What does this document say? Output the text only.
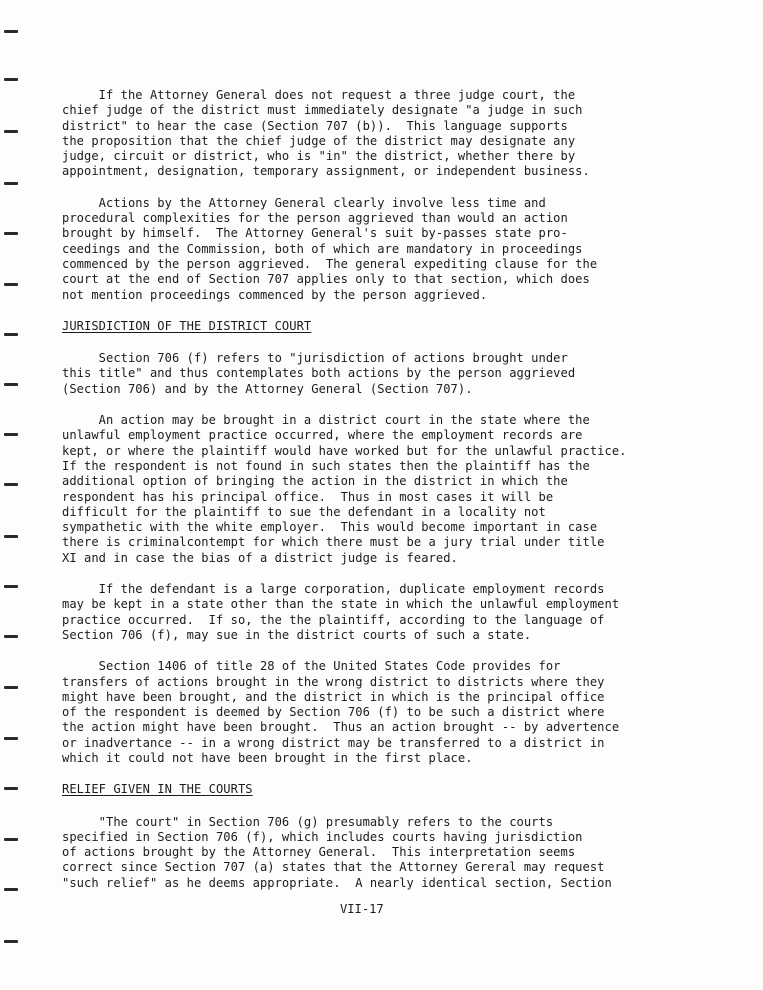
If the Attorney General does not request a three judge court, the
chief judge of the district must immediately designate "a judge in such
district" to hear the case (Section 707 (b)).  This language supports
the proposition that the chief judge of the district may designate any
judge, circuit or district, who is "in" the district, whether there by
appointment, designation, temporary assignment, or independent business.
Actions by the Attorney General clearly involve less time and
procedural complexities for the person aggrieved than would an action
brought by himself.  The Attorney General's suit by-passes state pro-
ceedings and the Commission, both of which are mandatory in proceedings
commenced by the person aggrieved.  The general expediting clause for the
court at the end of Section 707 applies only to that section, which does
not mention proceedings commenced by the person aggrieved.
JURISDICTION OF THE DISTRICT COURT
Section 706 (f) refers to "jurisdiction of actions brought under
this title" and thus contemplates both actions by the person aggrieved
(Section 706) and by the Attorney General (Section 707).
An action may be brought in a district court in the state where the
unlawful employment practice occurred, where the employment records are
kept, or where the plaintiff would have worked but for the unlawful practice.
If the respondent is not found in such states then the plaintiff has the
additional option of bringing the action in the district in which the
respondent has his principal office.  Thus in most cases it will be
difficult for the plaintiff to sue the defendant in a locality not
sympathetic with the white employer.  This would become important in case
there is criminalcontempt for which there must be a jury trial under title
XI and in case the bias of a district judge is feared.
If the defendant is a large corporation, duplicate employment records
may be kept in a state other than the state in which the unlawful employment
practice occurred.  If so, the the plaintiff, according to the language of
Section 706 (f), may sue in the district courts of such a state.
Section 1406 of title 28 of the United States Code provides for
transfers of actions brought in the wrong district to districts where they
might have been brought, and the district in which is the principal office
of the respondent is deemed by Section 706 (f) to be such a district where
the action might have been brought.  Thus an action brought -- by advertence
or inadvertance -- in a wrong district may be transferred to a district in
which it could not have been brought in the first place.
RELIEF GIVEN IN THE COURTS
"The court" in Section 706 (g) presumably refers to the courts
specified in Section 706 (f), which includes courts having jurisdiction
of actions brought by the Attorney General.  This interpretation seems
correct since Section 707 (a) states that the Attorney Gereral may request
"such relief" as he deems appropriate.  A nearly identical section, Section
VII-17
